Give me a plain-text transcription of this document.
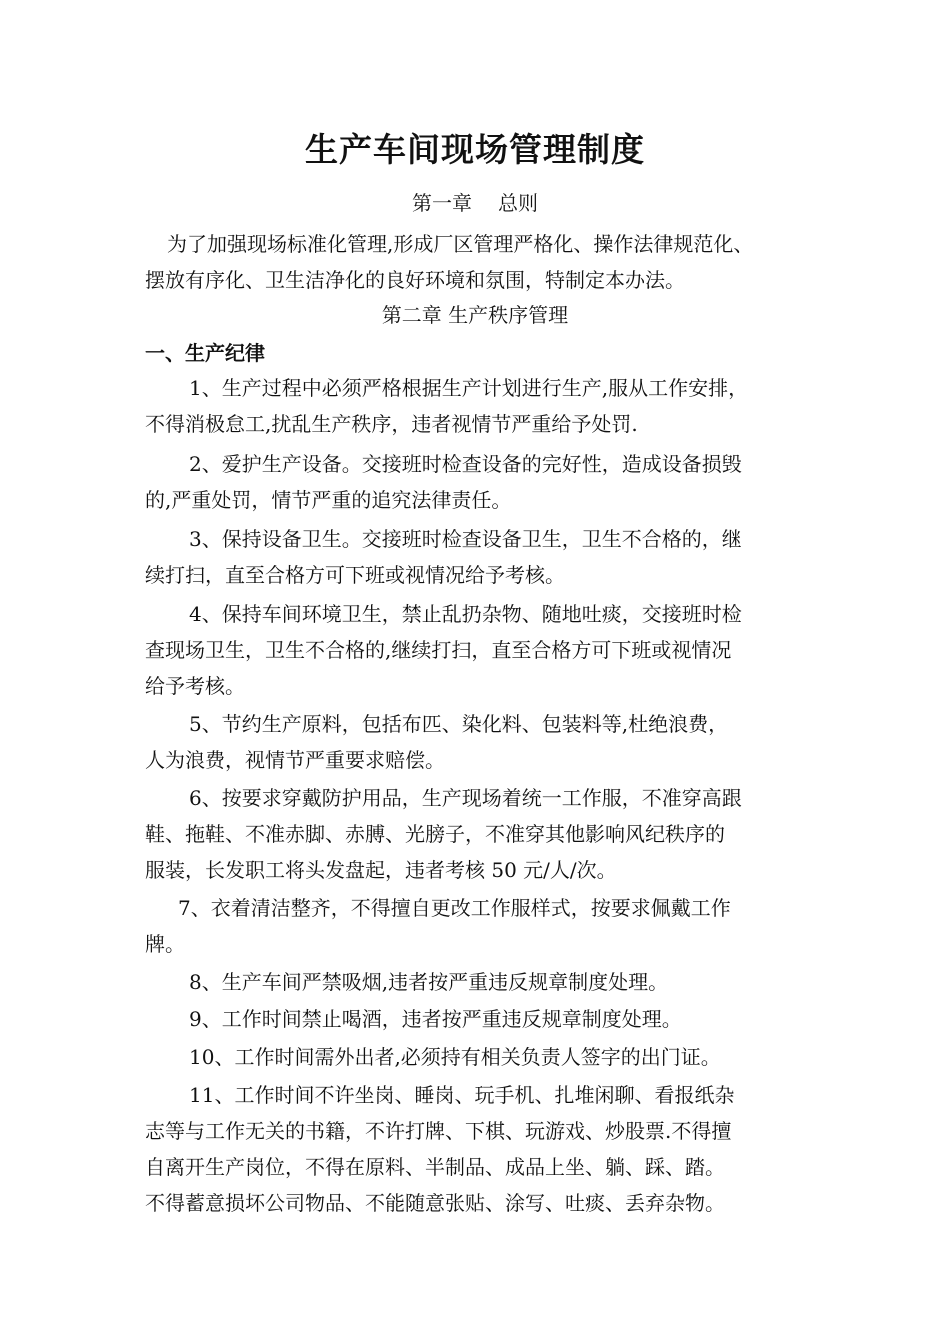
生产车间现场管理制度
第一章 总则
为了加强现场标准化管理,形成厂区管理严格化、操作法律规范化、
摆放有序化、卫生洁净化的良好环境和氛围，特制定本办法。
第二章 生产秩序管理
一、生产纪律
1、生产过程中必须严格根据生产计划进行生产,服从工作安排，
不得消极怠工,扰乱生产秩序，违者视情节严重给予处罚.
2、爱护生产设备。交接班时检查设备的完好性，造成设备损毁
的,严重处罚，情节严重的追究法律责任。
3、保持设备卫生。交接班时检查设备卫生，卫生不合格的，继
续打扫，直至合格方可下班或视情况给予考核。
4、保持车间环境卫生，禁止乱扔杂物、随地吐痰，交接班时检
查现场卫生，卫生不合格的,继续打扫，直至合格方可下班或视情况
给予考核。
5、节约生产原料，包括布匹、染化料、包装料等,杜绝浪费，
人为浪费，视情节严重要求赔偿。
6、按要求穿戴防护用品，生产现场着统一工作服，不准穿高跟
鞋、拖鞋、不准赤脚、赤膊、光膀子，不准穿其他影响风纪秩序的
服装，长发职工将头发盘起，违者考核 50 元/人/次。
7、衣着清洁整齐，不得擅自更改工作服样式，按要求佩戴工作
牌。
8、生产车间严禁吸烟,违者按严重违反规章制度处理。
9、工作时间禁止喝酒，违者按严重违反规章制度处理。
10、工作时间需外出者,必须持有相关负责人签字的出门证。
11、工作时间不许坐岗、睡岗、玩手机、扎堆闲聊、看报纸杂
志等与工作无关的书籍，不许打牌、下棋、玩游戏、炒股票.不得擅
自离开生产岗位，不得在原料、半制品、成品上坐、躺、踩、踏。
不得蓄意损坏公司物品、不能随意张贴、涂写、吐痰、丢弃杂物。
